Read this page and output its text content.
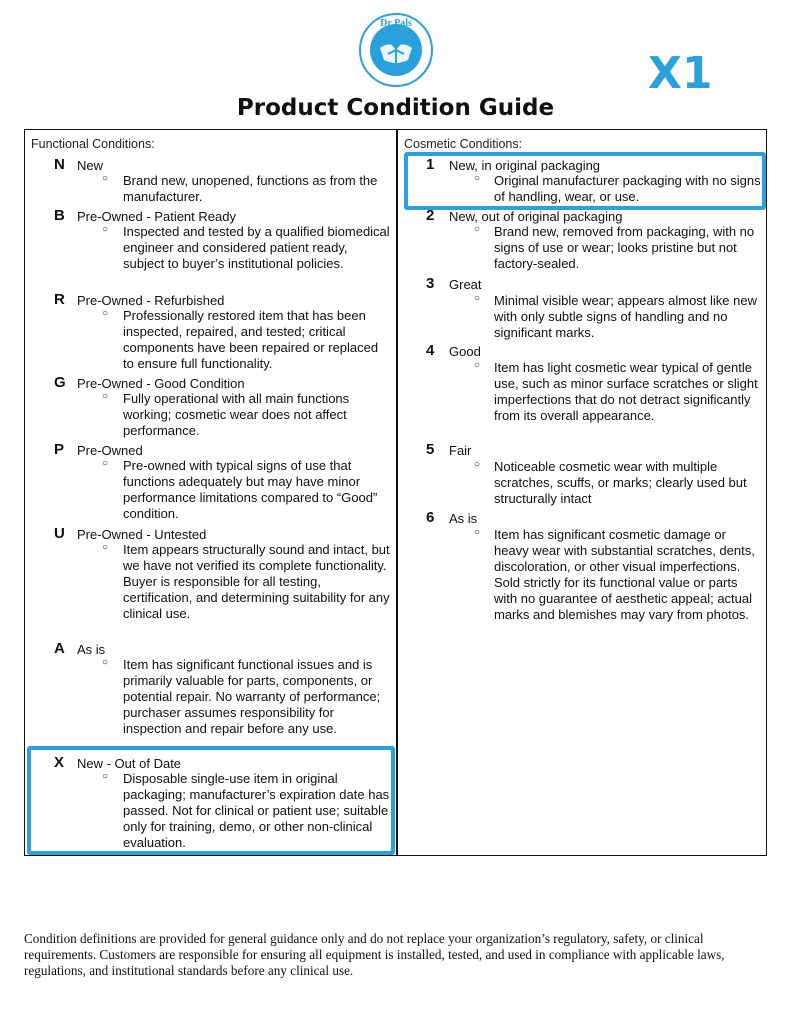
Dr Pals
X1
Product Condition Guide
Functional Conditions:
N New
○ Brand new, unopened, functions as from the manufacturer.
B Pre-Owned - Patient Ready
○ Inspected and tested by a qualified biomedical engineer and considered patient ready, subject to buyer’s institutional policies.
R Pre-Owned - Refurbished
○ Professionally restored item that has been inspected, repaired, and tested; critical components have been repaired or replaced to ensure full functionality.
G Pre-Owned - Good Condition
○ Fully operational with all main functions working; cosmetic wear does not affect performance.
P Pre-Owned
○ Pre-owned with typical signs of use that functions adequately but may have minor performance limitations compared to “Good” condition.
U Pre-Owned - Untested
○ Item appears structurally sound and intact, but we have not verified its complete functionality. Buyer is responsible for all testing, certification, and determining suitability for any clinical use.
A As is
○ Item has significant functional issues and is primarily valuable for parts, components, or potential repair. No warranty of performance; purchaser assumes responsibility for inspection and repair before any use.
X New - Out of Date
○ Disposable single-use item in original packaging; manufacturer’s expiration date has passed. Not for clinical or patient use; suitable only for training, demo, or other non-clinical evaluation.
Cosmetic Conditions:
1 New, in original packaging
○ Original manufacturer packaging with no signs of handling, wear, or use.
2 New, out of original packaging
○ Brand new, removed from packaging, with no signs of use or wear; looks pristine but not factory-sealed.
3 Great
○ Minimal visible wear; appears almost like new with only subtle signs of handling and no significant marks.
4 Good
○ Item has light cosmetic wear typical of gentle use, such as minor surface scratches or slight imperfections that do not detract significantly from its overall appearance.
5 Fair
○ Noticeable cosmetic wear with multiple scratches, scuffs, or marks; clearly used but structurally intact
6 As is
○ Item has significant cosmetic damage or heavy wear with substantial scratches, dents, discoloration, or other visual imperfections. Sold strictly for its functional value or parts with no guarantee of aesthetic appeal; actual marks and blemishes may vary from photos.
Condition definitions are provided for general guidance only and do not replace your organization’s regulatory, safety, or clinical requirements. Customers are responsible for ensuring all equipment is installed, tested, and used in compliance with applicable laws, regulations, and institutional standards before any clinical use.
